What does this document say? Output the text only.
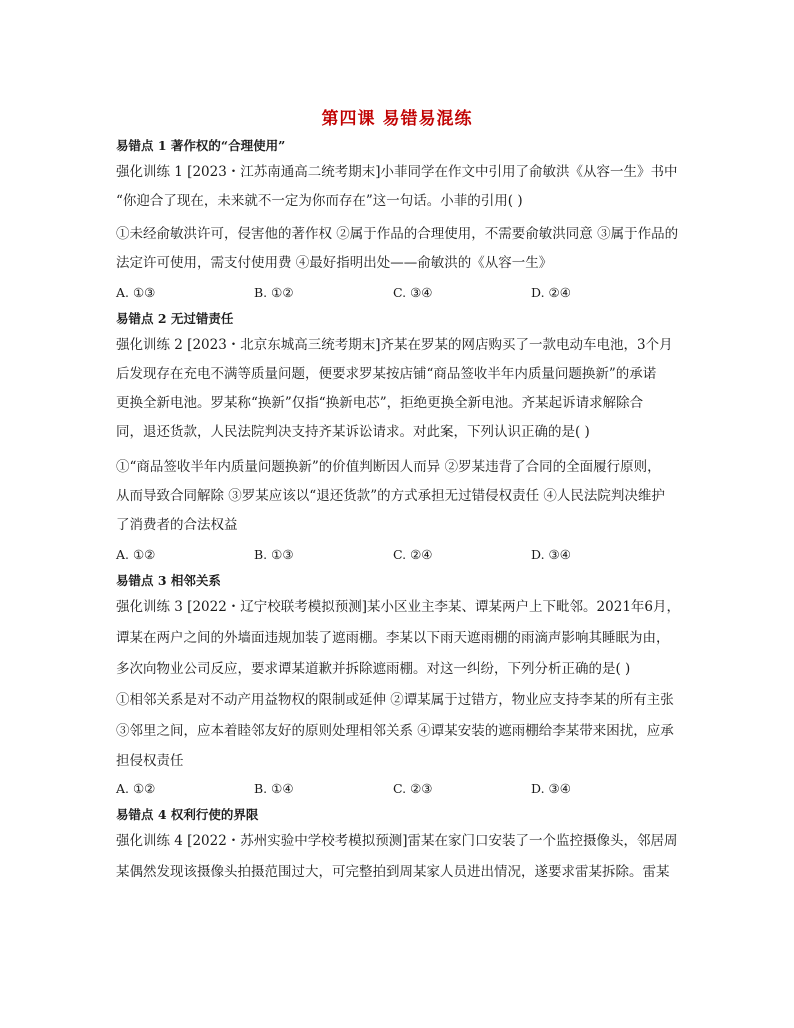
第四课 易错易混练
易错点 1 著作权的“合理使用”
强化训练 1 [2023・江苏南通高二统考期末]小菲同学在作文中引用了俞敏洪《从容一生》书中
“你迎合了现在，未来就不一定为你而存在”这一句话。小菲的引用( )
①未经俞敏洪许可，侵害他的著作权 ②属于作品的合理使用，不需要俞敏洪同意 ③属于作品的
法定许可使用，需支付使用费 ④最好指明出处——俞敏洪的《从容一生》
A. ①③	B. ①②	C. ③④	D. ②④
易错点 2 无过错责任
强化训练 2 [2023・北京东城高三统考期末]齐某在罗某的网店购买了一款电动车电池，3个月
后发现存在充电不满等质量问题，便要求罗某按店铺“商品签收半年内质量问题换新”的承诺
更换全新电池。罗某称“换新”仅指“换新电芯”，拒绝更换全新电池。齐某起诉请求解除合
同，退还货款，人民法院判决支持齐某诉讼请求。对此案，下列认识正确的是( )
①“商品签收半年内质量问题换新”的价值判断因人而异 ②罗某违背了合同的全面履行原则，
从而导致合同解除 ③罗某应该以“退还货款”的方式承担无过错侵权责任 ④人民法院判决维护
了消费者的合法权益
A. ①②	B. ①③	C. ②④	D. ③④
易错点 3 相邻关系
强化训练 3 [2022・辽宁校联考模拟预测]某小区业主李某、谭某两户上下毗邻。2021年6月，
谭某在两户之间的外墙面违规加装了遮雨棚。李某以下雨天遮雨棚的雨滴声影响其睡眠为由，
多次向物业公司反应，要求谭某道歉并拆除遮雨棚。对这一纠纷，下列分析正确的是( )
①相邻关系是对不动产用益物权的限制或延伸 ②谭某属于过错方，物业应支持李某的所有主张
③邻里之间，应本着睦邻友好的原则处理相邻关系 ④谭某安装的遮雨棚给李某带来困扰，应承
担侵权责任
A. ①②	B. ①④	C. ②③	D. ③④
易错点 4 权利行使的界限
强化训练 4 [2022・苏州实验中学校考模拟预测]雷某在家门口安装了一个监控摄像头，邻居周
某偶然发现该摄像头拍摄范围过大，可完整拍到周某家人员进出情况，遂要求雷某拆除。雷某
